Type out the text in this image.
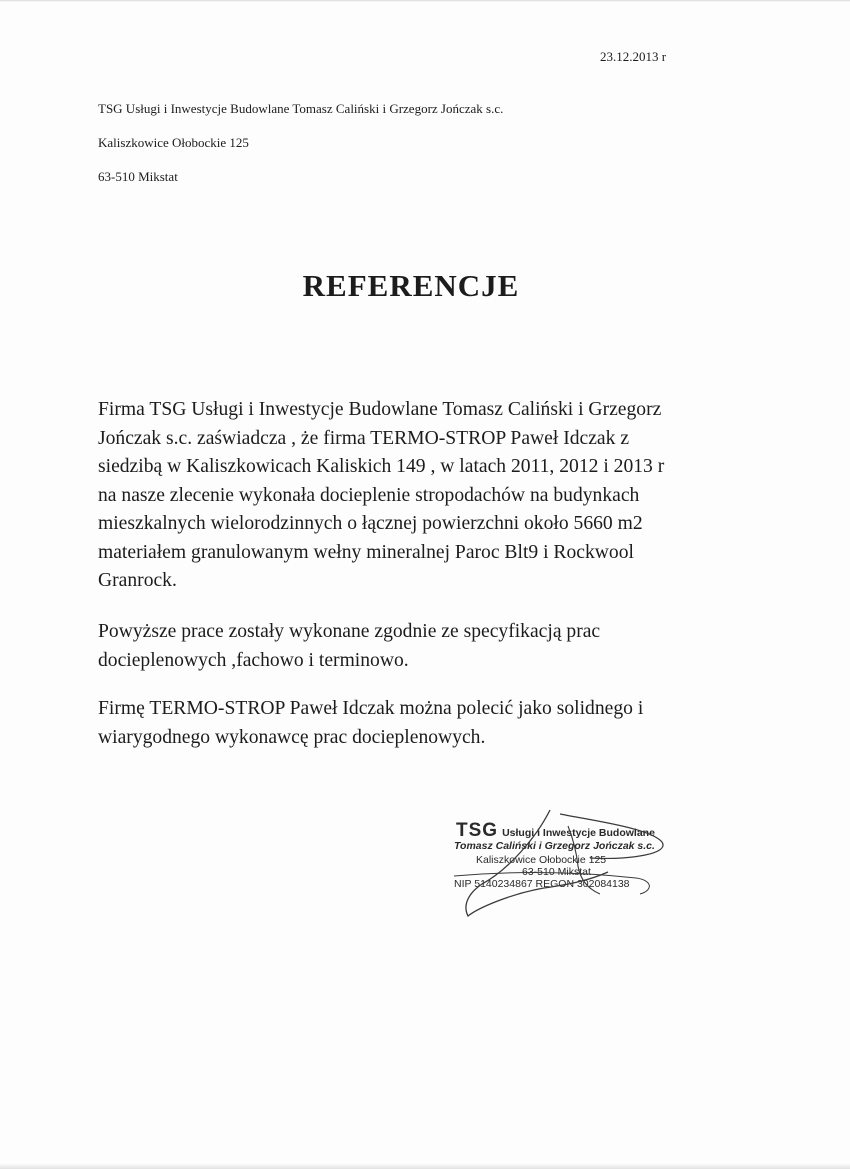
23.12.2013 r
TSG Usługi i Inwestycje Budowlane Tomasz Caliński i Grzegorz Jończak s.c.
Kaliszkowice Ołobockie 125
63-510 Mikstat
REFERENCJE
Firma TSG Usługi i Inwestycje Budowlane Tomasz Caliński i Grzegorz
Jończak s.c. zaświadcza , że firma TERMO-STROP Paweł Idczak z
siedzibą w Kaliszkowicach Kaliskich 149 , w latach 2011, 2012 i 2013 r
na nasze zlecenie wykonała docieplenie stropodachów na budynkach
mieszkalnych wielorodzinnych o łącznej powierzchni około 5660 m2
materiałem granulowanym wełny mineralnej Paroc Blt9 i Rockwool
Granrock.
Powyższe prace zostały wykonane zgodnie ze specyfikacją prac
docieplenowych ,fachowo i terminowo.
Firmę TERMO-STROP Paweł Idczak można polecić jako solidnego i
wiarygodnego wykonawcę prac docieplenowych.
TSG Usługi i Inwestycje Budowlane
Tomasz Caliński i Grzegorz Jończak s.c.
Kaliszkowice Ołobockie 125
63-510 Mikstat
NIP 5140234867 REGON 302084138
